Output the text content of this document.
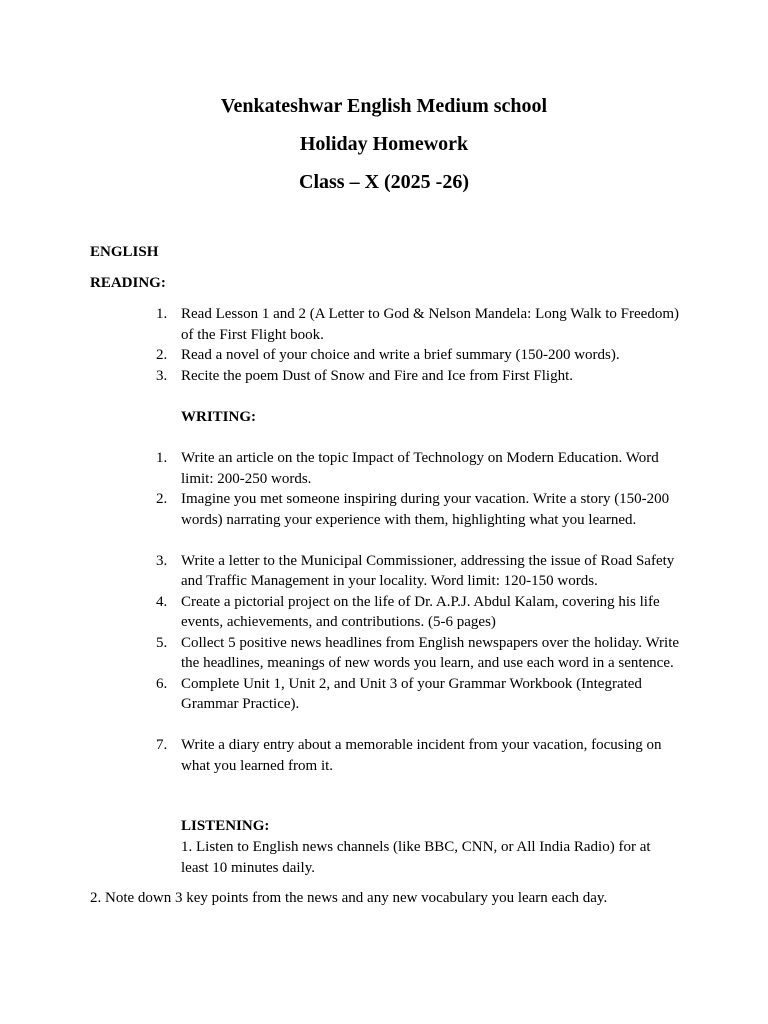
Venkateshwar English Medium school
Holiday Homework
Class – X (2025 -26)

ENGLISH

READING:

1. Read Lesson 1 and 2 (A Letter to God & Nelson Mandela: Long Walk to Freedom) of the First Flight book.
2. Read a novel of your choice and write a brief summary (150-200 words).
3. Recite the poem Dust of Snow and Fire and Ice from First Flight.

WRITING:

1. Write an article on the topic Impact of Technology on Modern Education. Word limit: 200-250 words.
2. Imagine you met someone inspiring during your vacation. Write a story (150-200 words) narrating your experience with them, highlighting what you learned.
3. Write a letter to the Municipal Commissioner, addressing the issue of Road Safety and Traffic Management in your locality. Word limit: 120-150 words.
4. Create a pictorial project on the life of Dr. A.P.J. Abdul Kalam, covering his life events, achievements, and contributions. (5-6 pages)
5. Collect 5 positive news headlines from English newspapers over the holiday. Write the headlines, meanings of new words you learn, and use each word in a sentence.
6. Complete Unit 1, Unit 2, and Unit 3 of your Grammar Workbook (Integrated Grammar Practice).
7. Write a diary entry about a memorable incident from your vacation, focusing on what you learned from it.

LISTENING:

1. Listen to English news channels (like BBC, CNN, or All India Radio) for at least 10 minutes daily.

2. Note down 3 key points from the news and any new vocabulary you learn each day.
